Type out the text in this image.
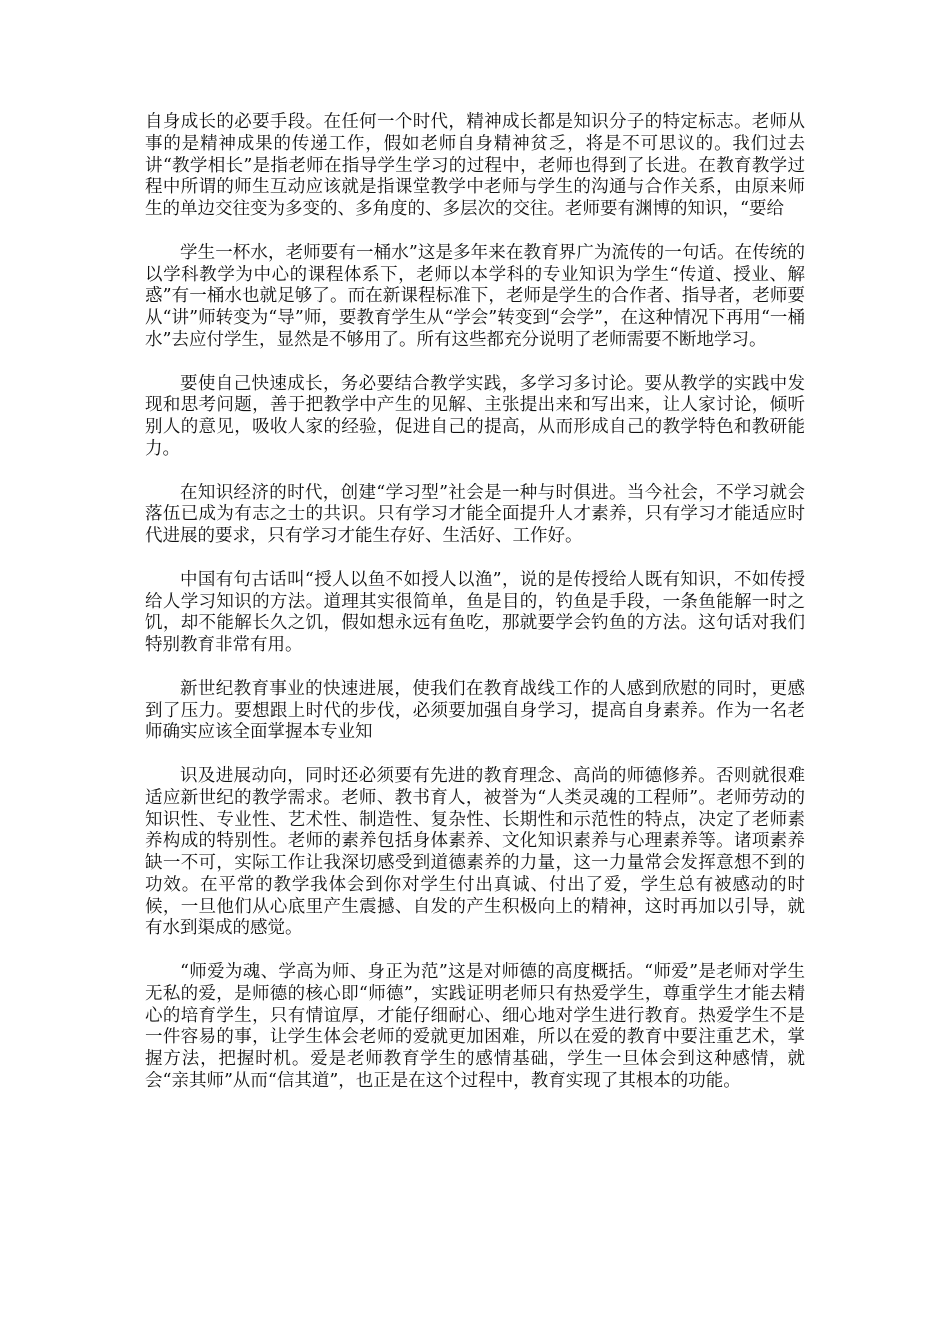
自身成长的必要手段。在任何一个时代，精神成长都是知识分子的特定标志。老师从事的是精神成果的传递工作，假如老师自身精神贫乏，将是不可思议的。我们过去讲“教学相长”是指老师在指导学生学习的过程中，老师也得到了长进。在教育教学过程中所谓的师生互动应该就是指课堂教学中老师与学生的沟通与合作关系，由原来师生的单边交往变为多变的、多角度的、多层次的交往。老师要有渊博的知识，“要给

学生一杯水，老师要有一桶水”这是多年来在教育界广为流传的一句话。在传统的以学科教学为中心的课程体系下，老师以本学科的专业知识为学生“传道、授业、解惑”有一桶水也就足够了。而在新课程标准下，老师是学生的合作者、指导者，老师要从“讲”师转变为“导”师，要教育学生从“学会”转变到“会学”，在这种情况下再用“一桶水”去应付学生，显然是不够用了。所有这些都充分说明了老师需要不断地学习。

要使自己快速成长，务必要结合教学实践，多学习多讨论。要从教学的实践中发现和思考问题，善于把教学中产生的见解、主张提出来和写出来，让人家讨论，倾听别人的意见，吸收人家的经验，促进自己的提高，从而形成自己的教学特色和教研能力。

在知识经济的时代，创建“学习型”社会是一种与时俱进。当今社会，不学习就会落伍已成为有志之士的共识。只有学习才能全面提升人才素养，只有学习才能适应时代进展的要求，只有学习才能生存好、生活好、工作好。

中国有句古话叫“授人以鱼不如授人以渔”，说的是传授给人既有知识，不如传授给人学习知识的方法。道理其实很简单，鱼是目的，钓鱼是手段，一条鱼能解一时之饥，却不能解长久之饥，假如想永远有鱼吃，那就要学会钓鱼的方法。这句话对我们特别教育非常有用。

新世纪教育事业的快速进展，使我们在教育战线工作的人感到欣慰的同时，更感到了压力。要想跟上时代的步伐，必须要加强自身学习，提高自身素养。作为一名老师确实应该全面掌握本专业知

识及进展动向，同时还必须要有先进的教育理念、高尚的师德修养。否则就很难适应新世纪的教学需求。老师、教书育人，被誉为“人类灵魂的工程师”。老师劳动的知识性、专业性、艺术性、制造性、复杂性、长期性和示范性的特点，决定了老师素养构成的特别性。老师的素养包括身体素养、文化知识素养与心理素养等。诸项素养缺一不可，实际工作让我深切感受到道德素养的力量，这一力量常会发挥意想不到的功效。在平常的教学我体会到你对学生付出真诚、付出了爱，学生总有被感动的时候，一旦他们从心底里产生震撼、自发的产生积极向上的精神，这时再加以引导，就有水到渠成的感觉。

“师爱为魂、学高为师、身正为范”这是对师德的高度概括。“师爱”是老师对学生无私的爱，是师德的核心即“师德”，实践证明老师只有热爱学生，尊重学生才能去精心的培育学生，只有情谊厚，才能仔细耐心、细心地对学生进行教育。热爱学生不是一件容易的事，让学生体会老师的爱就更加困难，所以在爱的教育中要注重艺术，掌握方法，把握时机。爱是老师教育学生的感情基础，学生一旦体会到这种感情，就会“亲其师”从而“信其道”，也正是在这个过程中，教育实现了其根本的功能。
